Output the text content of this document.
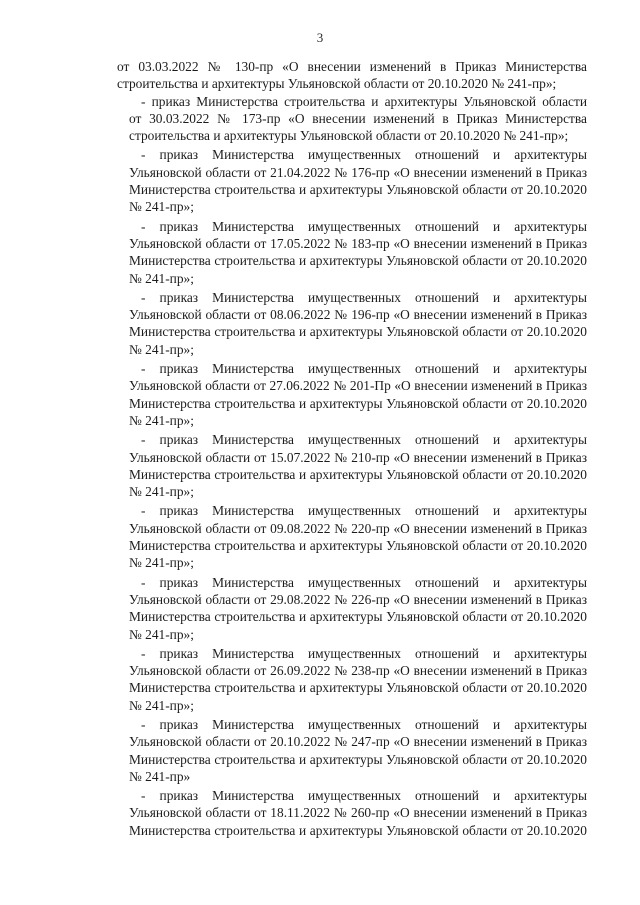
3
от 03.03.2022 № 130-пр «О внесении изменений в Приказ Министерства
строительства и архитектуры Ульяновской области от 20.10.2020 № 241-пр»;
- приказ Министерства строительства и архитектуры Ульяновской области
от 30.03.2022 № 173-пр «О внесении изменений в Приказ Министерства
строительства и архитектуры Ульяновской области от 20.10.2020 № 241-пр»;
- приказ Министерства имущественных отношений и архитектуры
Ульяновской области от 21.04.2022 № 176-пр «О внесении изменений в Приказ
Министерства строительства и архитектуры Ульяновской области от 20.10.2020
№ 241-пр»;
- приказ Министерства имущественных отношений и архитектуры
Ульяновской области от 17.05.2022 № 183-пр «О внесении изменений в Приказ
Министерства строительства и архитектуры Ульяновской области от 20.10.2020
№ 241-пр»;
- приказ Министерства имущественных отношений и архитектуры
Ульяновской области от 08.06.2022 № 196-пр «О внесении изменений в Приказ
Министерства строительства и архитектуры Ульяновской области от 20.10.2020
№ 241-пр»;
- приказ Министерства имущественных отношений и архитектуры
Ульяновской области от 27.06.2022 № 201-Пр «О внесении изменений в Приказ
Министерства строительства и архитектуры Ульяновской области от 20.10.2020
№ 241-пр»;
- приказ Министерства имущественных отношений и архитектуры
Ульяновской области от 15.07.2022 № 210-пр «О внесении изменений в Приказ
Министерства строительства и архитектуры Ульяновской области от 20.10.2020
№ 241-пр»;
- приказ Министерства имущественных отношений и архитектуры
Ульяновской области от 09.08.2022 № 220-пр «О внесении изменений в Приказ
Министерства строительства и архитектуры Ульяновской области от 20.10.2020
№ 241-пр»;
- приказ Министерства имущественных отношений и архитектуры
Ульяновской области от 29.08.2022 № 226-пр «О внесении изменений в Приказ
Министерства строительства и архитектуры Ульяновской области от 20.10.2020
№ 241-пр»;
- приказ Министерства имущественных отношений и архитектуры
Ульяновской области от 26.09.2022 № 238-пр «О внесении изменений в Приказ
Министерства строительства и архитектуры Ульяновской области от 20.10.2020
№ 241-пр»;
- приказ Министерства имущественных отношений и архитектуры
Ульяновской области от 20.10.2022 № 247-пр «О внесении изменений в Приказ
Министерства строительства и архитектуры Ульяновской области от 20.10.2020
№ 241-пр»
- приказ Министерства имущественных отношений и архитектуры
Ульяновской области от 18.11.2022 № 260-пр «О внесении изменений в Приказ
Министерства строительства и архитектуры Ульяновской области от 20.10.2020
